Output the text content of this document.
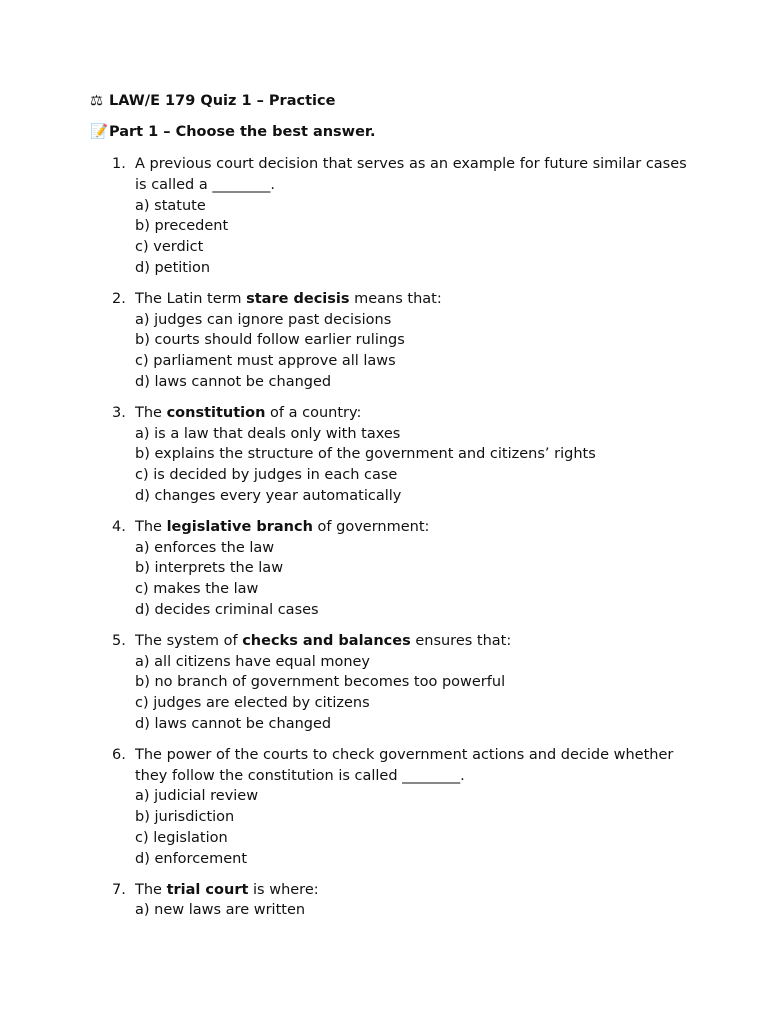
⚖ LAW/E 179 Quiz 1 – Practice
📝Part 1 – Choose the best answer.
1. A previous court decision that serves as an example for future similar cases is called a ________.
a) statute
b) precedent
c) verdict
d) petition
2. The Latin term stare decisis means that:
a) judges can ignore past decisions
b) courts should follow earlier rulings
c) parliament must approve all laws
d) laws cannot be changed
3. The constitution of a country:
a) is a law that deals only with taxes
b) explains the structure of the government and citizens’ rights
c) is decided by judges in each case
d) changes every year automatically
4. The legislative branch of government:
a) enforces the law
b) interprets the law
c) makes the law
d) decides criminal cases
5. The system of checks and balances ensures that:
a) all citizens have equal money
b) no branch of government becomes too powerful
c) judges are elected by citizens
d) laws cannot be changed
6. The power of the courts to check government actions and decide whether they follow the constitution is called ________.
a) judicial review
b) jurisdiction
c) legislation
d) enforcement
7. The trial court is where:
a) new laws are written
